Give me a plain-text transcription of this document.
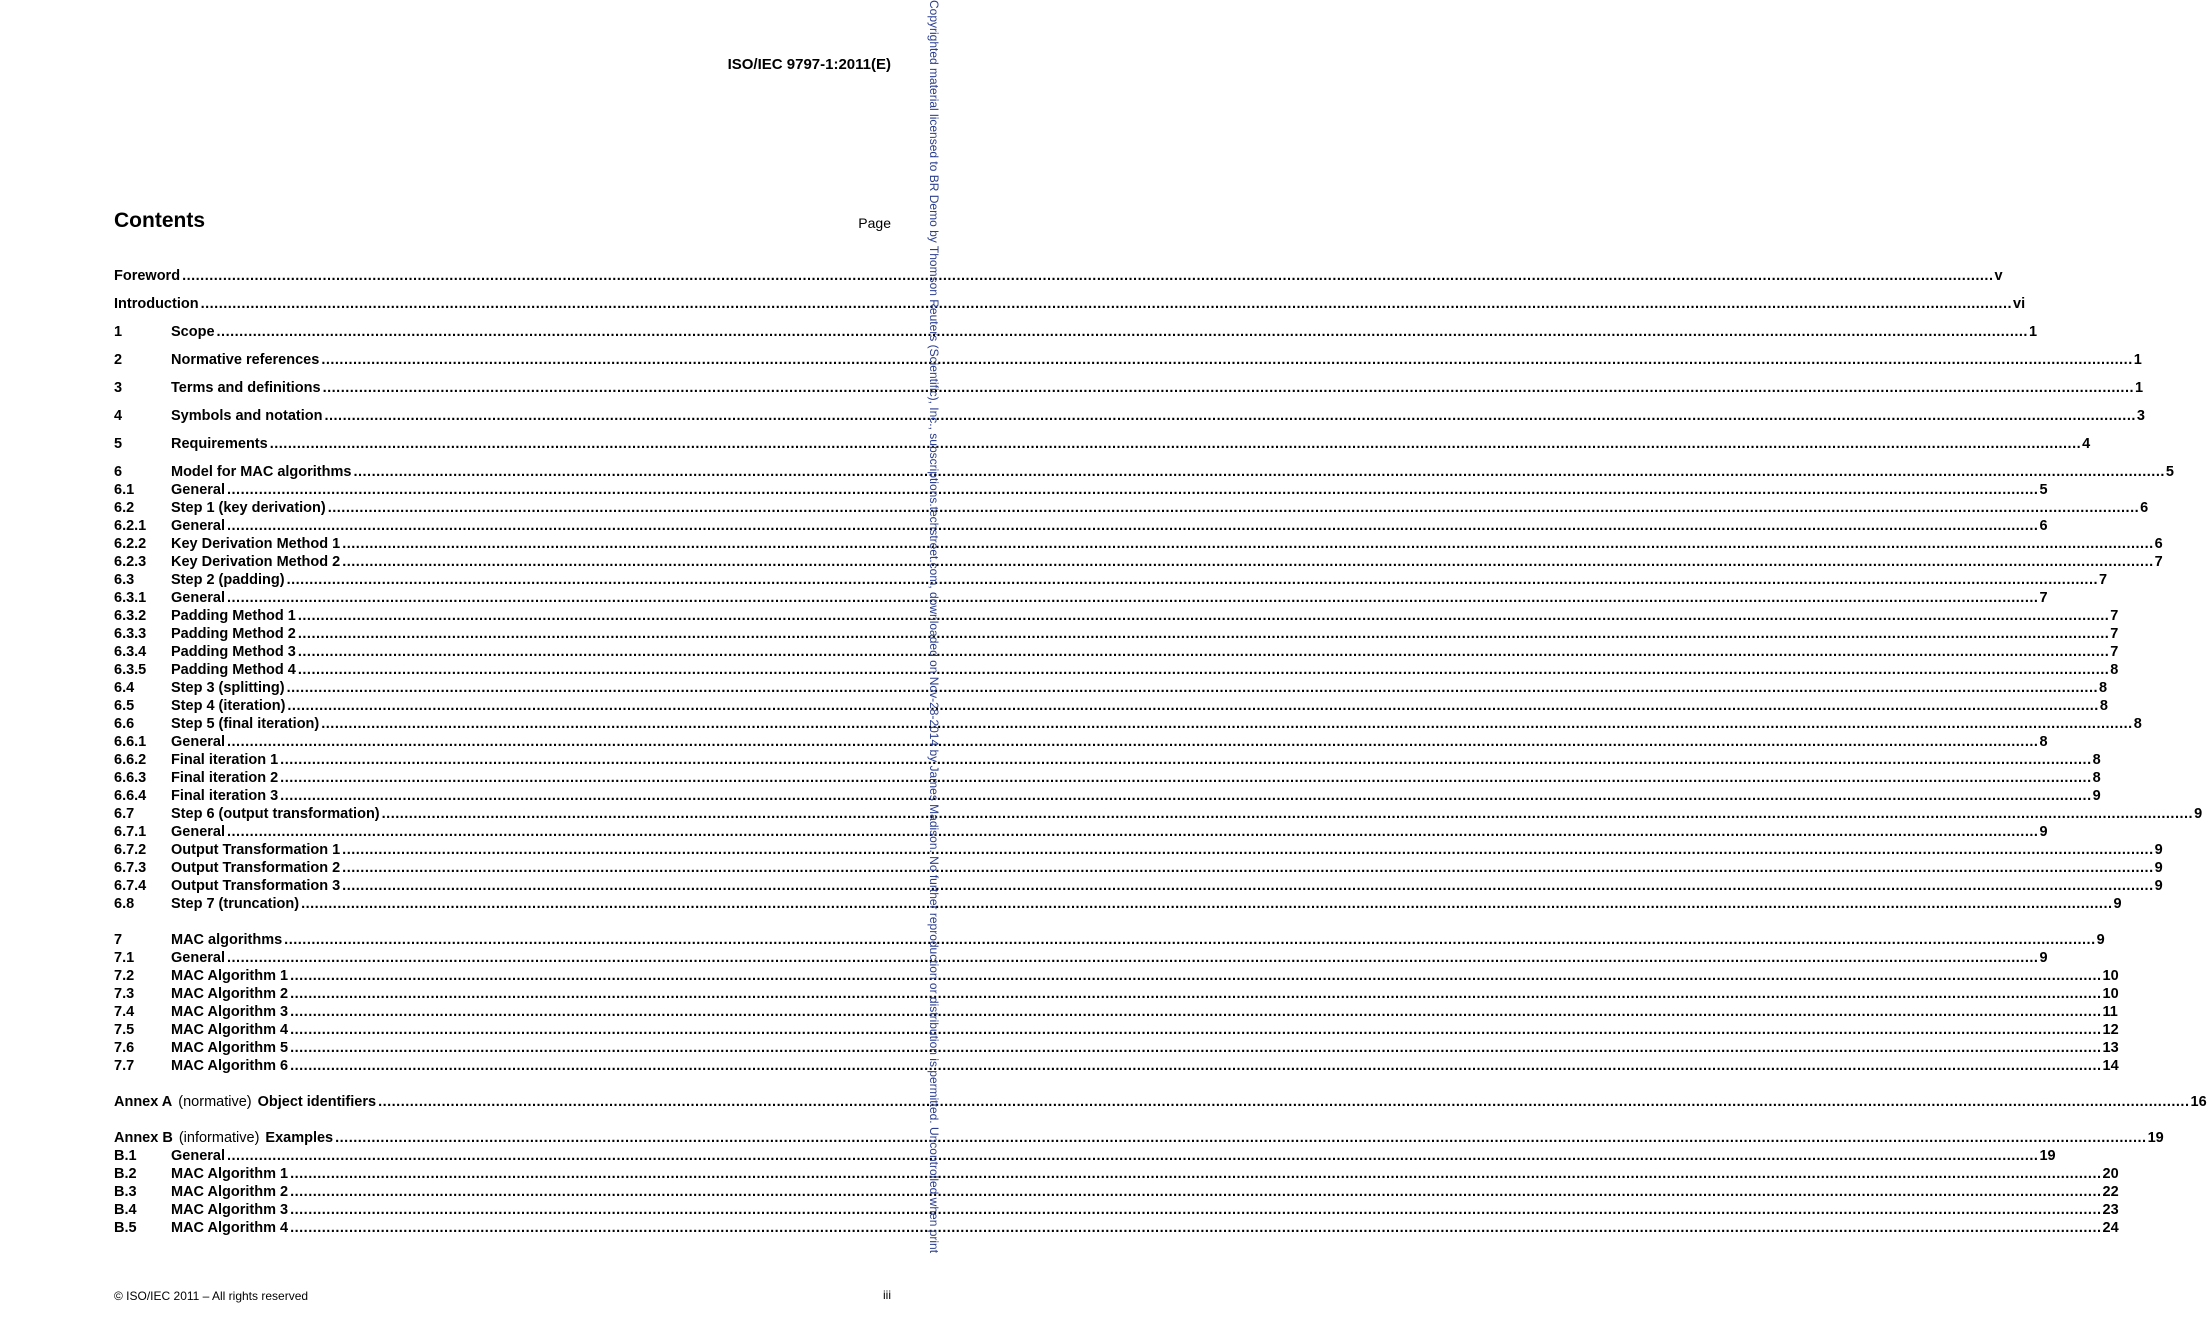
ISO/IEC 9797-1:2011(E)
Contents	Page
Foreword ................................................................................................................................................................................................................................................................................................................................................................................................................ v
Introduction ................................................................................................................................................................................................................................................................................................................................................................................................................ vi
1	Scope ................................................................................................................................................................................................................................................................................................................................................................................................................ 1
2	Normative references ................................................................................................................................................................................................................................................................................................................................................................................................................ 1
3	Terms and definitions ................................................................................................................................................................................................................................................................................................................................................................................................................ 1
4	Symbols and notation ................................................................................................................................................................................................................................................................................................................................................................................................................ 3
5	Requirements ................................................................................................................................................................................................................................................................................................................................................................................................................ 4
6	Model for MAC algorithms ................................................................................................................................................................................................................................................................................................................................................................................................................ 5
6.1	General ................................................................................................................................................................................................................................................................................................................................................................................................................ 5
6.2	Step 1 (key derivation) ................................................................................................................................................................................................................................................................................................................................................................................................................ 6
6.2.1	General ................................................................................................................................................................................................................................................................................................................................................................................................................ 6
6.2.2	Key Derivation Method 1 ................................................................................................................................................................................................................................................................................................................................................................................................................ 6
6.2.3	Key Derivation Method 2 ................................................................................................................................................................................................................................................................................................................................................................................................................ 7
6.3	Step 2 (padding) ................................................................................................................................................................................................................................................................................................................................................................................................................ 7
6.3.1	General ................................................................................................................................................................................................................................................................................................................................................................................................................ 7
6.3.2	Padding Method 1 ................................................................................................................................................................................................................................................................................................................................................................................................................ 7
6.3.3	Padding Method 2 ................................................................................................................................................................................................................................................................................................................................................................................................................ 7
6.3.4	Padding Method 3 ................................................................................................................................................................................................................................................................................................................................................................................................................ 7
6.3.5	Padding Method 4 ................................................................................................................................................................................................................................................................................................................................................................................................................ 8
6.4	Step 3 (splitting) ................................................................................................................................................................................................................................................................................................................................................................................................................ 8
6.5	Step 4 (iteration) ................................................................................................................................................................................................................................................................................................................................................................................................................ 8
6.6	Step 5 (final iteration) ................................................................................................................................................................................................................................................................................................................................................................................................................ 8
6.6.1	General ................................................................................................................................................................................................................................................................................................................................................................................................................ 8
6.6.2	Final iteration 1 ................................................................................................................................................................................................................................................................................................................................................................................................................ 8
6.6.3	Final iteration 2 ................................................................................................................................................................................................................................................................................................................................................................................................................ 8
6.6.4	Final iteration 3 ................................................................................................................................................................................................................................................................................................................................................................................................................ 9
6.7	Step 6 (output transformation) ................................................................................................................................................................................................................................................................................................................................................................................................................ 9
6.7.1	General ................................................................................................................................................................................................................................................................................................................................................................................................................ 9
6.7.2	Output Transformation 1 ................................................................................................................................................................................................................................................................................................................................................................................................................ 9
6.7.3	Output Transformation 2 ................................................................................................................................................................................................................................................................................................................................................................................................................ 9
6.7.4	Output Transformation 3 ................................................................................................................................................................................................................................................................................................................................................................................................................ 9
6.8	Step 7 (truncation) ................................................................................................................................................................................................................................................................................................................................................................................................................ 9
7	MAC algorithms ................................................................................................................................................................................................................................................................................................................................................................................................................ 9
7.1	General ................................................................................................................................................................................................................................................................................................................................................................................................................ 9
7.2	MAC Algorithm 1 ................................................................................................................................................................................................................................................................................................................................................................................................................ 10
7.3	MAC Algorithm 2 ................................................................................................................................................................................................................................................................................................................................................................................................................ 10
7.4	MAC Algorithm 3 ................................................................................................................................................................................................................................................................................................................................................................................................................ 11
7.5	MAC Algorithm 4 ................................................................................................................................................................................................................................................................................................................................................................................................................ 12
7.6	MAC Algorithm 5 ................................................................................................................................................................................................................................................................................................................................................................................................................ 13
7.7	MAC Algorithm 6 ................................................................................................................................................................................................................................................................................................................................................................................................................ 14
Annex A (normative) Object identifiers ................................................................................................................................................................................................................................................................................................................................................................................................................ 16
Annex B (informative) Examples ................................................................................................................................................................................................................................................................................................................................................................................................................ 19
B.1	General ................................................................................................................................................................................................................................................................................................................................................................................................................ 19
B.2	MAC Algorithm 1 ................................................................................................................................................................................................................................................................................................................................................................................................................ 20
B.3	MAC Algorithm 2 ................................................................................................................................................................................................................................................................................................................................................................................................................ 22
B.4	MAC Algorithm 3 ................................................................................................................................................................................................................................................................................................................................................................................................................ 23
B.5	MAC Algorithm 4 ................................................................................................................................................................................................................................................................................................................................................................................................................ 24
© ISO/IEC 2011 – All rights reserved	iii
Copyrighted material licensed to BR Demo by Thomson Reuters (Scientific), Inc., subscriptions.techstreet.com, downloaded on Nov-28-2014 by James Madison. No further reproduction or distribution is permitted. Uncontrolled when print
